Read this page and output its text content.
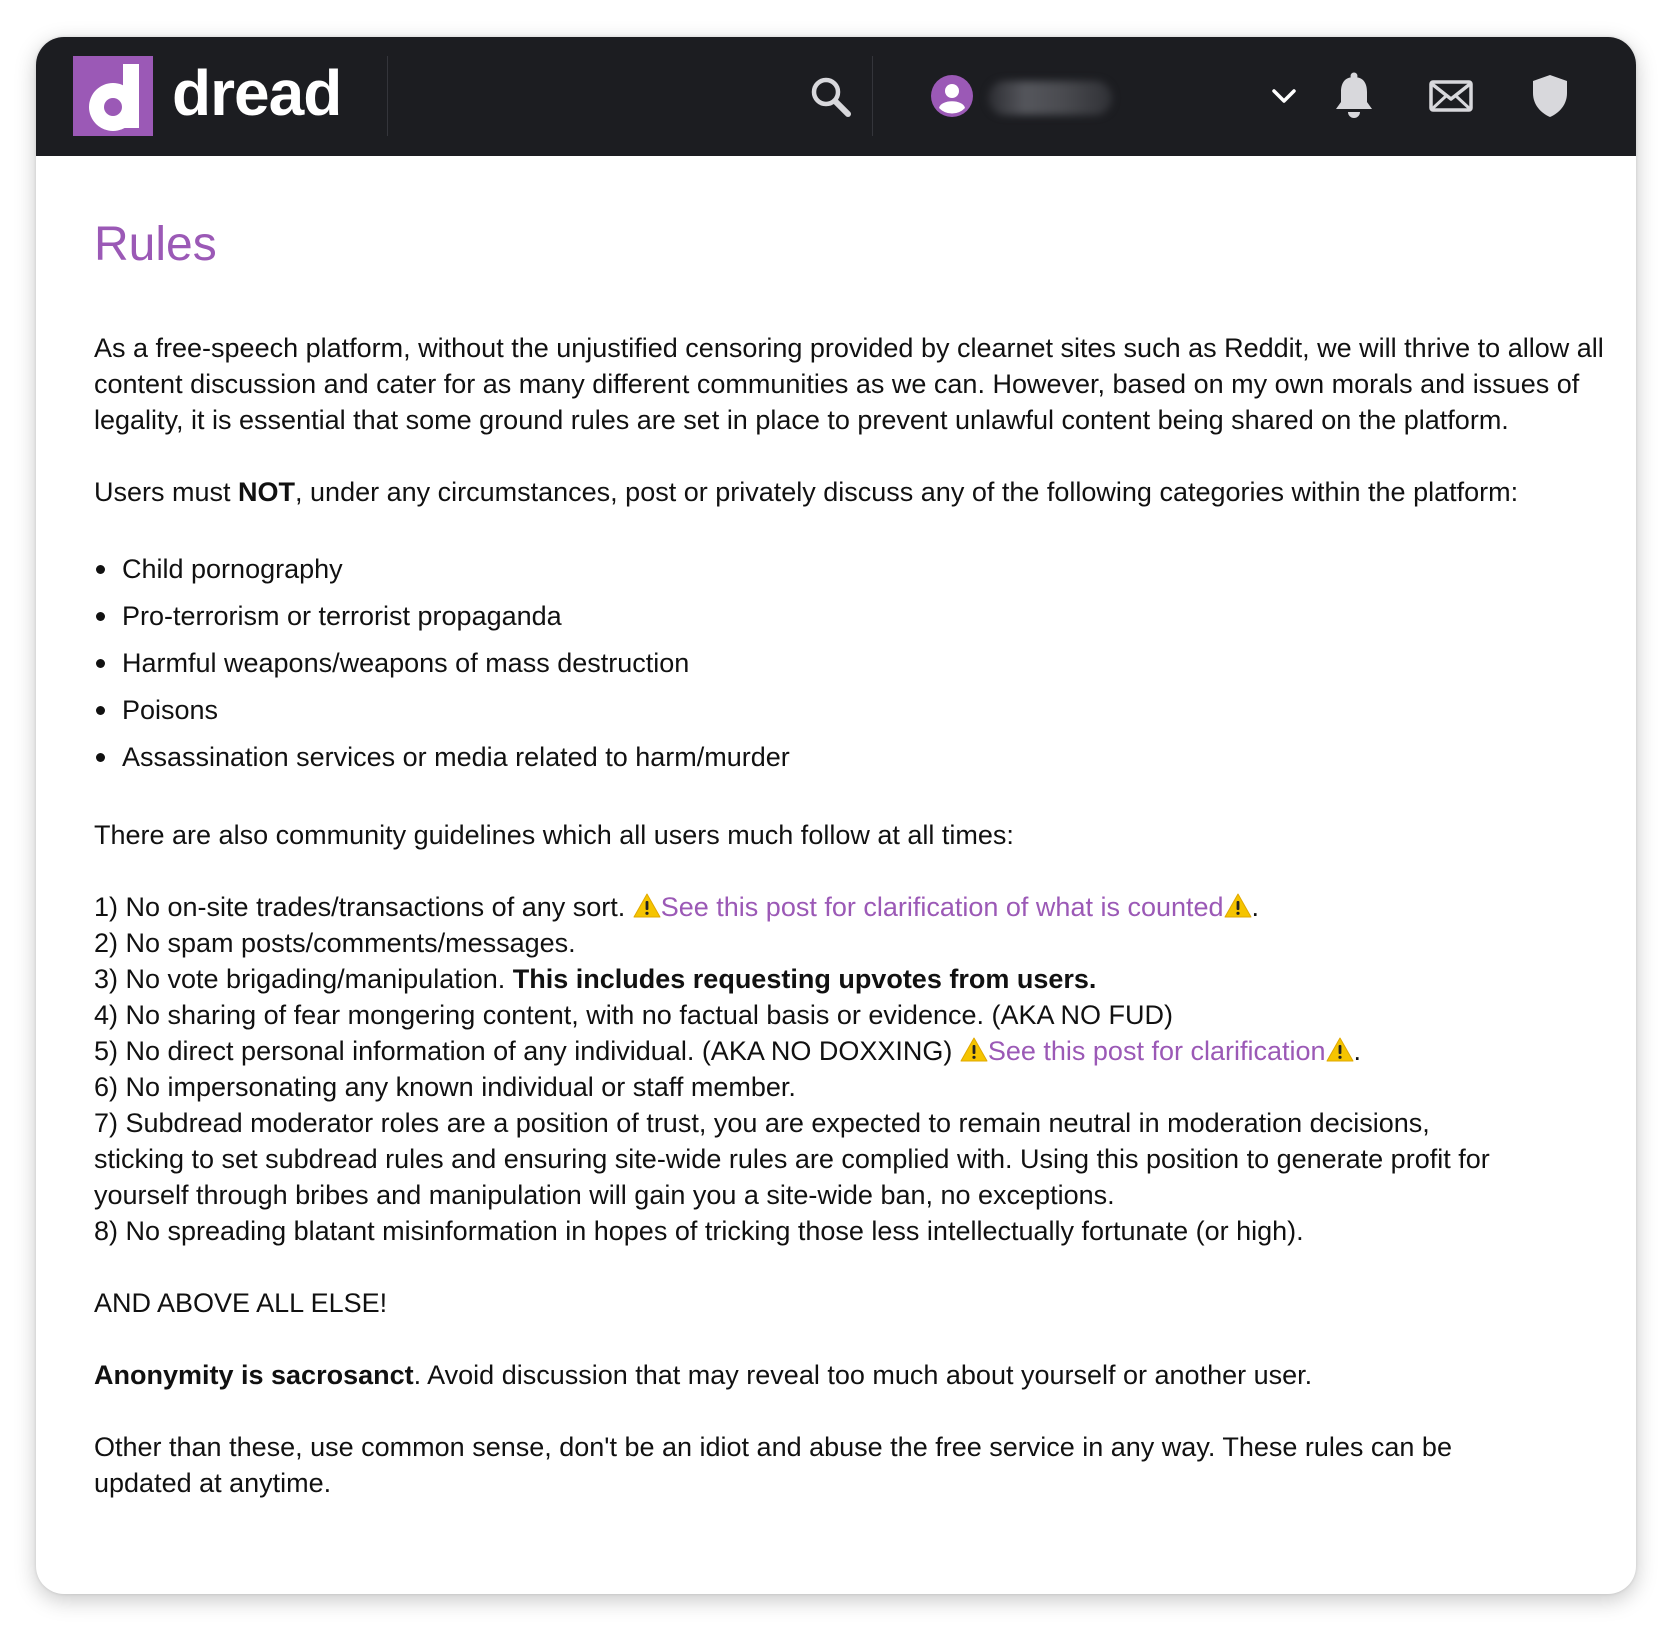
dread
Rules

As a free-speech platform, without the unjustified censoring provided by clearnet sites such as Reddit, we will thrive to allow all content discussion and cater for as many different communities as we can. However, based on my own morals and issues of legality, it is essential that some ground rules are set in place to prevent unlawful content being shared on the platform.

Users must NOT, under any circumstances, post or privately discuss any of the following categories within the platform:

Child pornography
Pro-terrorism or terrorist propaganda
Harmful weapons/weapons of mass destruction
Poisons
Assassination services or media related to harm/murder

There are also community guidelines which all users much follow at all times:

1) No on-site trades/transactions of any sort. See this post for clarification of what is counted .
2) No spam posts/comments/messages.
3) No vote brigading/manipulation. This includes requesting upvotes from users.
4) No sharing of fear mongering content, with no factual basis or evidence. (AKA NO FUD)
5) No direct personal information of any individual. (AKA NO DOXXING) See this post for clarification .
6) No impersonating any known individual or staff member.
7) Subdread moderator roles are a position of trust, you are expected to remain neutral in moderation decisions,
sticking to set subdread rules and ensuring site-wide rules are complied with. Using this position to generate profit for
yourself through bribes and manipulation will gain you a site-wide ban, no exceptions.
8) No spreading blatant misinformation in hopes of tricking those less intellectually fortunate (or high).

AND ABOVE ALL ELSE!

Anonymity is sacrosanct. Avoid discussion that may reveal too much about yourself or another user.

Other than these, use common sense, don't be an idiot and abuse the free service in any way. These rules can be updated at anytime.
